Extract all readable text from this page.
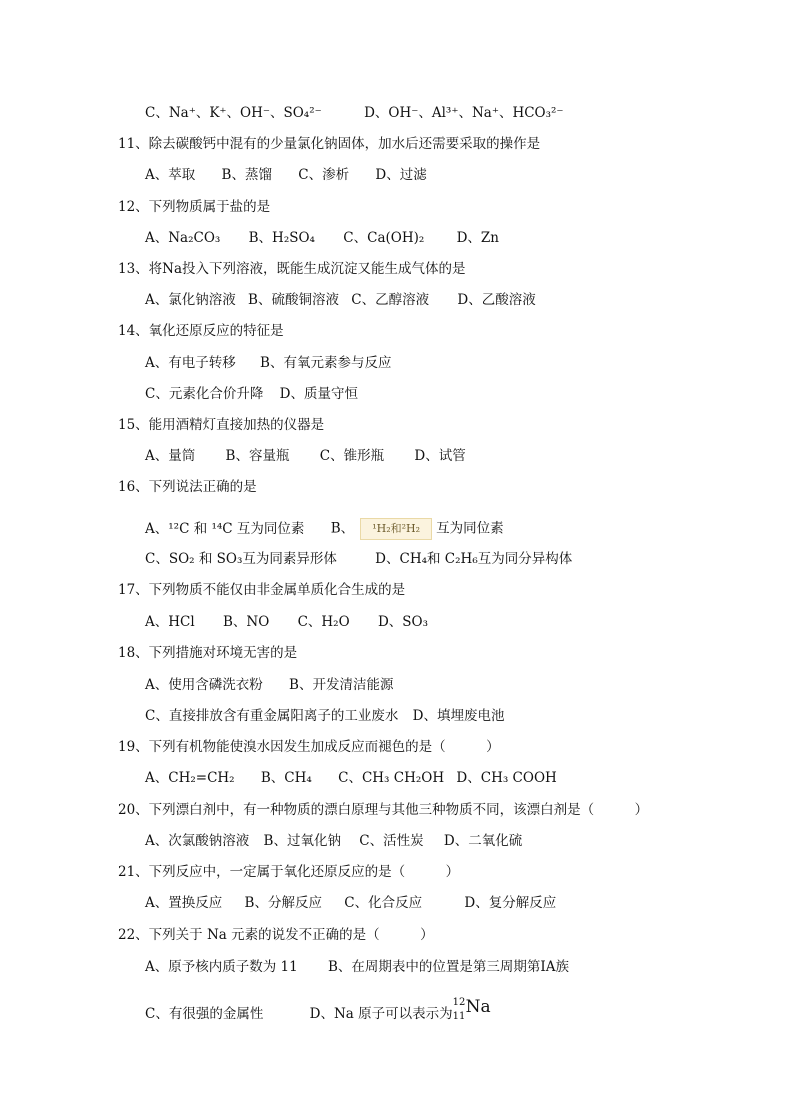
C、Na⁺、K⁺、OH⁻、SO₄²⁻	D、OH⁻、Al³⁺、Na⁺、HCO₃²⁻
11、除去碳酸钙中混有的少量氯化钠固体，加水后还需要采取的操作是
A、萃取 B、蒸馏 C、渗析 D、过滤
12、下列物质属于盐的是
A、Na₂CO₃ B、H₂SO₄ C、Ca(OH)₂ D、Zn
13、将Na投入下列溶液，既能生成沉淀又能生成气体的是
A、氯化钠溶液 B、硫酸铜溶液 C、乙醇溶液 D、乙酸溶液
14、氧化还原反应的特征是
A、有电子转移 B、有氧元素参与反应
C、元素化合价升降 D、质量守恒
15、能用酒精灯直接加热的仪器是
A、量筒 B、容量瓶 C、锥形瓶 D、试管
16、下列说法正确的是
A、¹²C 和 ¹⁴C 互为同位素 B、 ¹H₂和²H₂ 互为同位素
C、SO₂ 和 SO₃互为同素异形体	D、CH₄和 C₂H₆互为同分异构体
17、下列物质不能仅由非金属单质化合生成的是
A、HCl B、NO C、H₂O D、SO₃
18、下列措施对环境无害的是
A、使用含磷洗衣粉 B、开发清洁能源
C、直接排放含有重金属阳离子的工业废水 D、填埋废电池
19、下列有机物能使溴水因发生加成反应而褪色的是（　　　）
A、CH₂=CH₂ B、CH₄ C、CH₃ CH₂OH D、CH₃ COOH
20、下列漂白剂中，有一种物质的漂白原理与其他三种物质不同，该漂白剂是（　　　）
A、次氯酸钠溶液 B、过氧化钠 C、活性炭 D、二氧化硫
21、下列反应中，一定属于氧化还原反应的是（　　　）
A、置换反应 B、分解反应 C、化合反应	D、复分解反应
22、下列关于 Na 元素的说发不正确的是（　　　）
A、原予核内质子数为 11 B、在周期表中的位置是第三周期第ⅠA族
C、有很强的金属性	D、Na 原子可以表示为
12
11 Na
